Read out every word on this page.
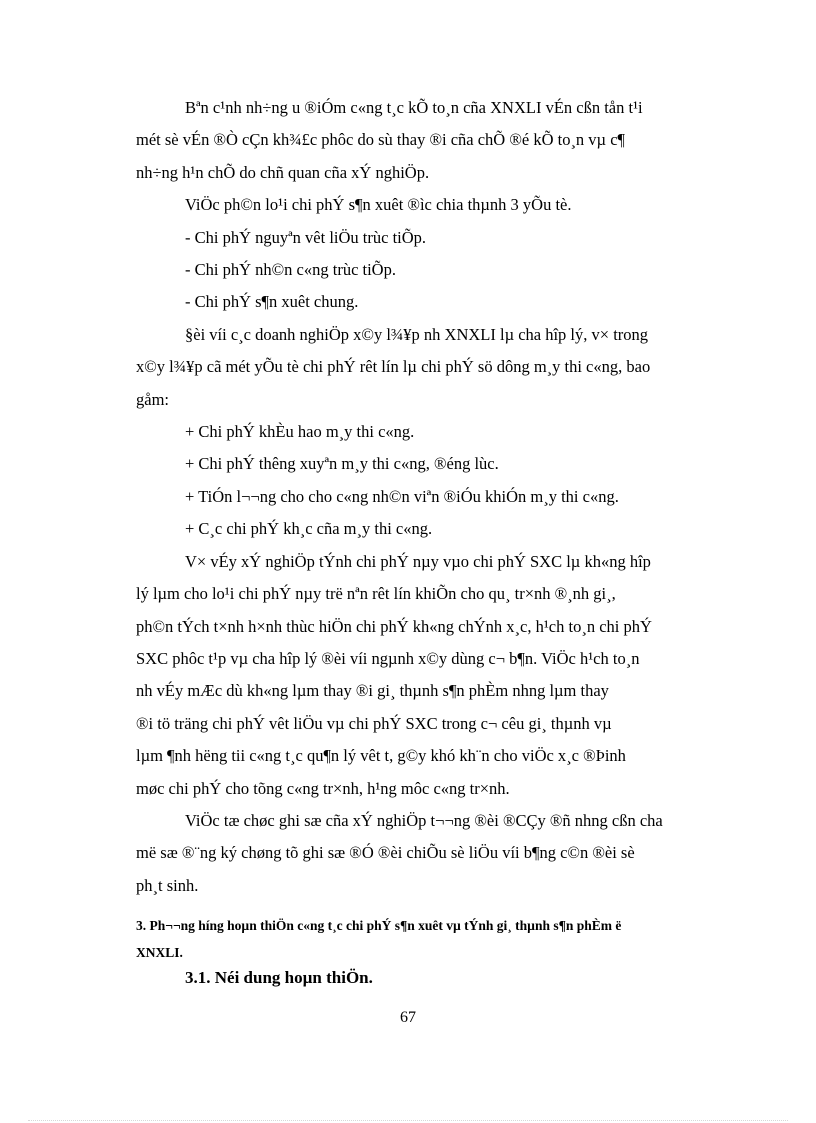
Bªn c¹nh nh÷ng u ®iÓm c«ng t¸c kÕ to¸n cña XNXLI vÉn cßn tån t¹i
mét sè vÉn ®Ò cÇn kh¾£c phôc do sù thay ®i cña chÕ ®é kÕ to¸n vµ c¶
nh÷ng h¹n chÕ do chñ quan cña xÝ nghiÖp.

ViÖc ph©n lo¹i chi phÝ s¶n xuêt ®ìc chia thµnh 3 yÕu tè.

- Chi phÝ nguyªn vêt liÖu trùc tiÕp.

- Chi phÝ nh©n c«ng trùc tiÕp.

- Chi phÝ s¶n xuêt chung.

§èi víi c¸c doanh nghiÖp x©y l¾¥p nh XNXLI lµ cha hîp lý, v× trong
x©y l¾¥p cã mét yÕu tè chi phÝ rêt lín lµ chi phÝ sö dông m¸y thi c«ng, bao
gåm:

+ Chi phÝ khÈu hao m¸y thi c«ng.

+ Chi phÝ thêng xuyªn m¸y thi c«ng, ®éng lùc.

+ TiÓn l¬¬ng cho cho c«ng nh©n viªn ®iÓu khiÓn m¸y thi c«ng.

+ C¸c chi phÝ kh¸c cña m¸y thi c«ng.

V× vÉy xÝ nghiÖp tÝnh chi phÝ nµy vµo chi phÝ SXC lµ kh«ng hîp
lý lµm cho lo¹i chi phÝ nµy trë nªn rêt lín khiÕn cho qu¸ tr×nh ®¸nh gi¸,
ph©n tÝch t×nh h×nh thùc hiÖn chi phÝ kh«ng chÝnh x¸c, h¹ch to¸n chi phÝ
SXC phôc t¹p vµ cha hîp lý ®èi víi ngµnh x©y dùng c¬ b¶n. ViÖc h¹ch to¸n
nh vÉy mÆc dù kh«ng lµm thay ®i gi¸ thµnh s¶n phÈm nhng lµm thay
®i tö träng chi phÝ vêt liÖu vµ chi phÝ SXC trong c¬ cêu gi¸ thµnh vµ
lµm ¶nh hëng tii c«ng t¸c qu¶n lý vêt t, g©y khó kh¨n cho viÖc x¸c ®Þinh
møc chi phÝ cho tõng c«ng tr×nh, h¹ng môc c«ng tr×nh.

ViÖc tæ chøc ghi sæ cña xÝ nghiÖp t¬¬ng ®èi ®CÇy ®ñ nhng cßn cha
më sæ ®¨ng ký chøng tõ ghi sæ ®Ó ®èi chiÕu sè liÖu víi b¶ng c©n ®èi sè
ph¸t sinh.

3. Ph¬¬ng híng hoµn thiÖn c«ng t¸c chi phÝ s¶n xuêt vµ tÝnh gi¸ thµnh s¶n phÈm ë
XNXLI.
3.1. Néi dung hoµn thiÖn.
67
